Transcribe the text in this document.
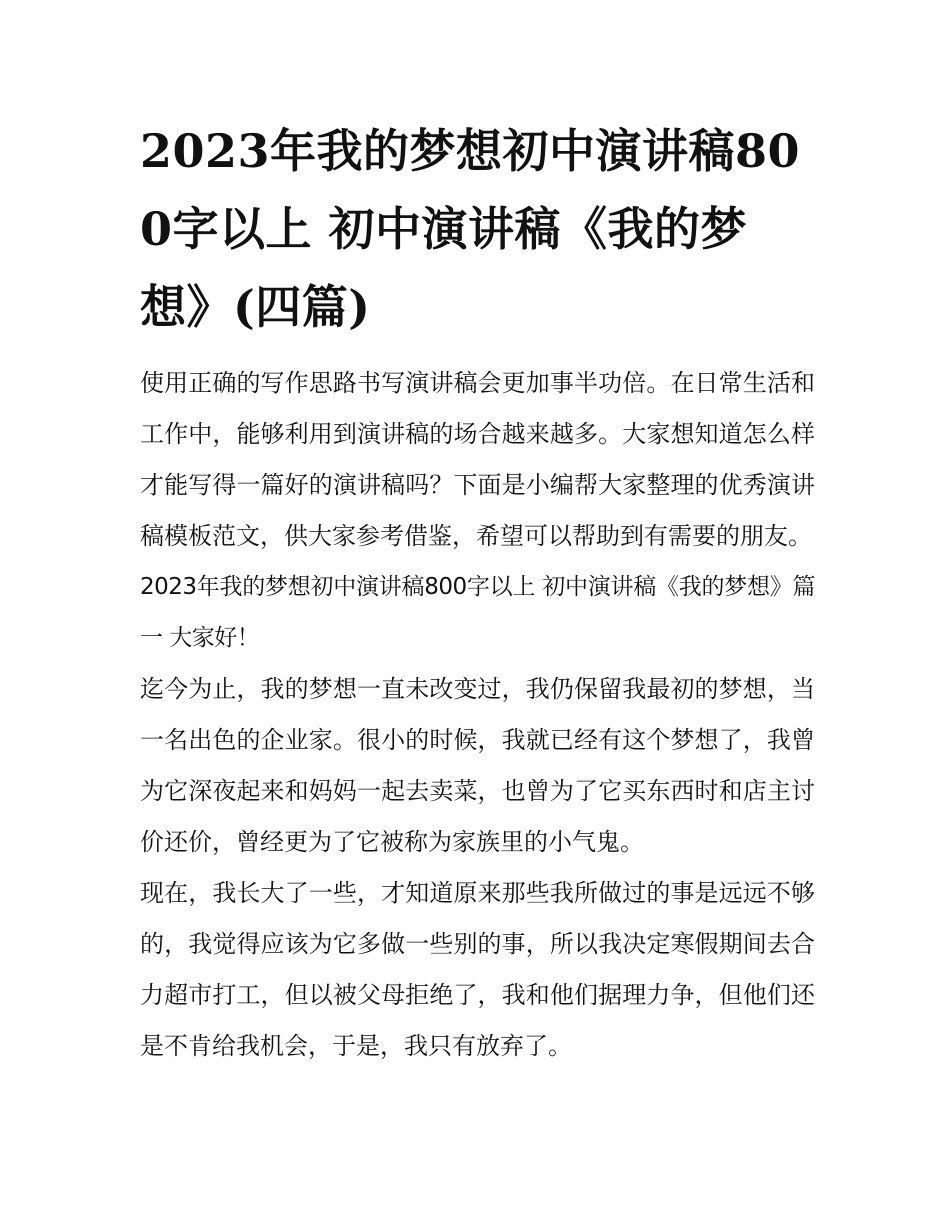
2023年我的梦想初中演讲稿800字以上 初中演讲稿《我的梦想》(四篇)

使用正确的写作思路书写演讲稿会更加事半功倍。在日常生活和工作中，能够利用到演讲稿的场合越来越多。大家想知道怎么样才能写得一篇好的演讲稿吗？下面是小编帮大家整理的优秀演讲稿模板范文，供大家参考借鉴，希望可以帮助到有需要的朋友。

2023年我的梦想初中演讲稿800字以上 初中演讲稿《我的梦想》篇一 大家好！

迄今为止，我的梦想一直未改变过，我仍保留我最初的梦想，当一名出色的企业家。很小的时候，我就已经有这个梦想了，我曾为它深夜起来和妈妈一起去卖菜，也曾为了它买东西时和店主讨价还价，曾经更为了它被称为家族里的小气鬼。

现在，我长大了一些，才知道原来那些我所做过的事是远远不够的，我觉得应该为它多做一些别的事，所以我决定寒假期间去合力超市打工，但以被父母拒绝了，我和他们据理力争，但他们还是不肯给我机会，于是，我只有放弃了。
